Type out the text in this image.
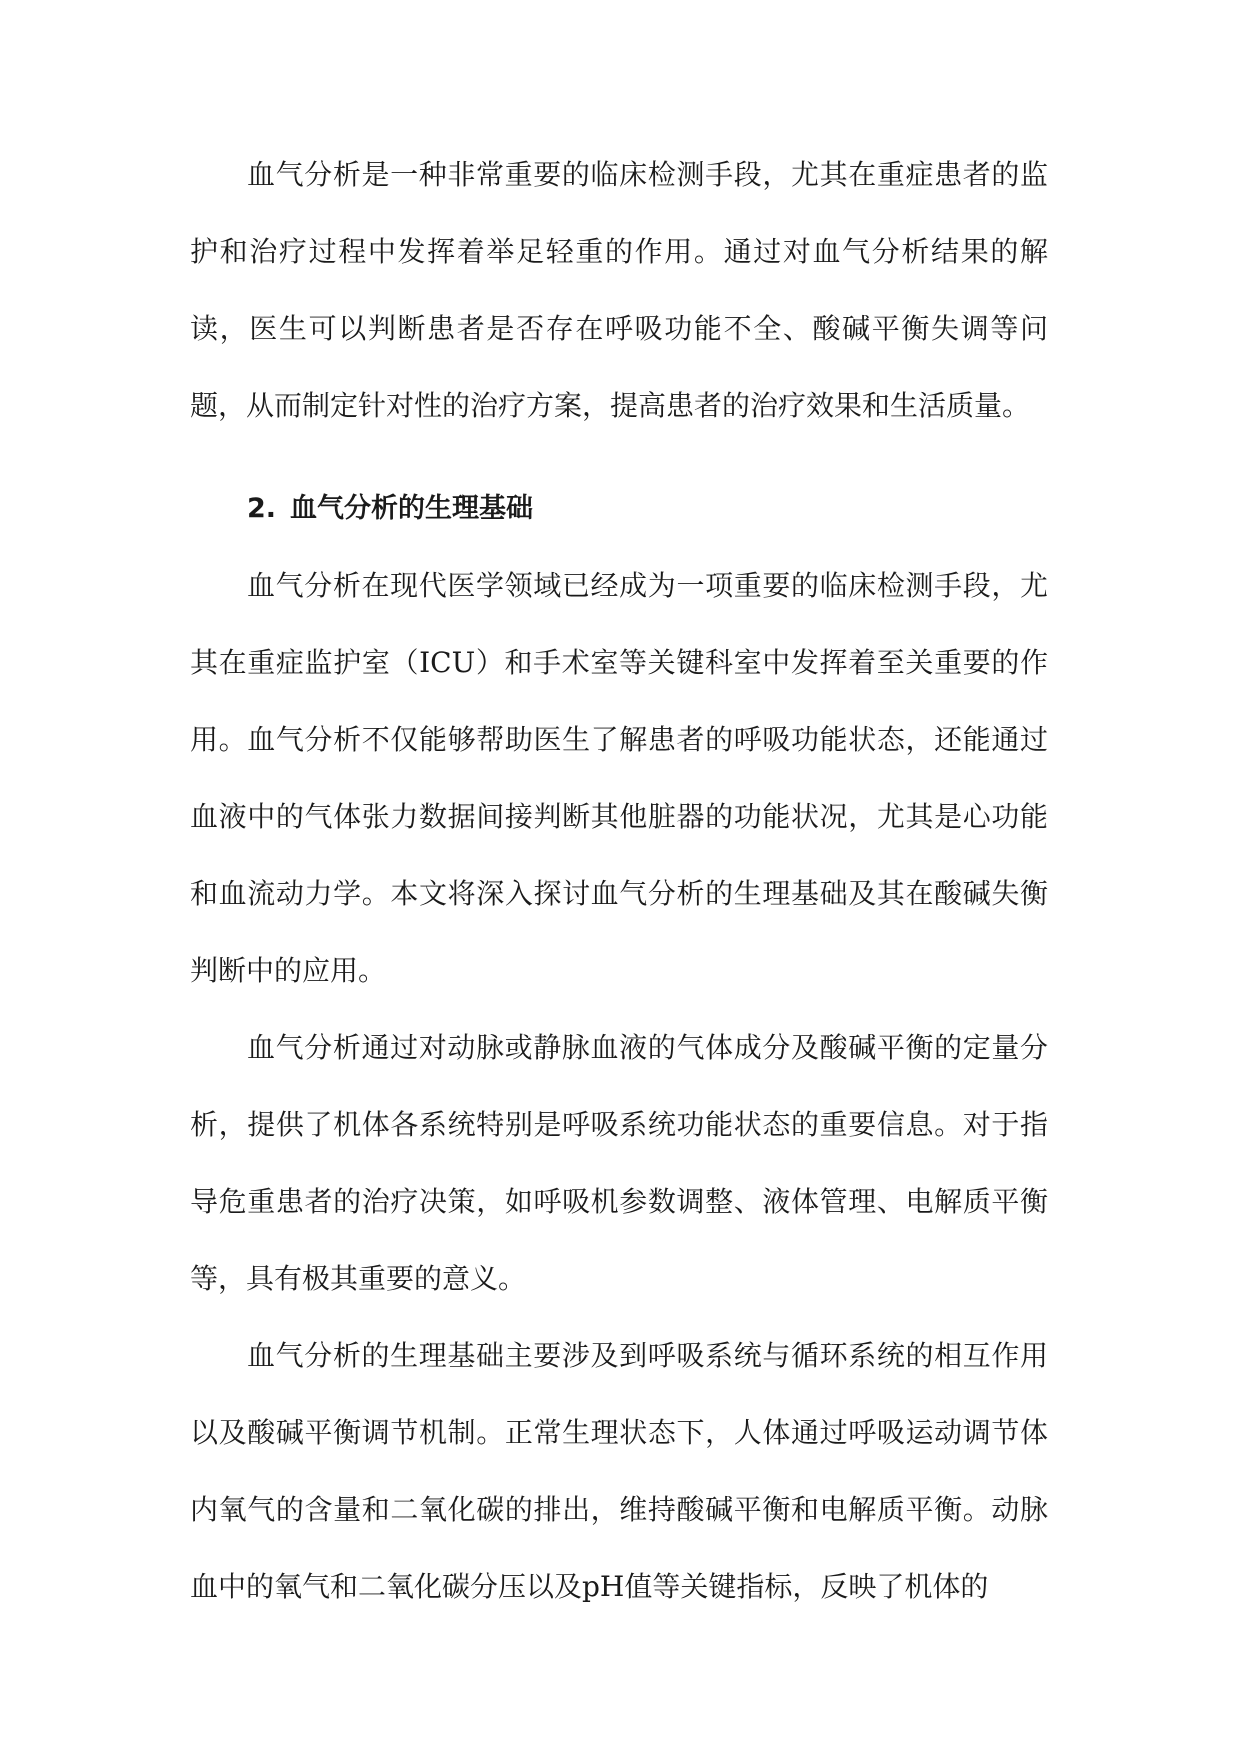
血气分析是一种非常重要的临床检测手段，尤其在重症患者的监护和治疗过程中发挥着举足轻重的作用。通过对血气分析结果的解读，医生可以判断患者是否存在呼吸功能不全、酸碱平衡失调等问题，从而制定针对性的治疗方案，提高患者的治疗效果和生活质量。

2. 血气分析的生理基础

血气分析在现代医学领域已经成为一项重要的临床检测手段，尤其在重症监护室（ICU）和手术室等关键科室中发挥着至关重要的作用。血气分析不仅能够帮助医生了解患者的呼吸功能状态，还能通过血液中的气体张力数据间接判断其他脏器的功能状况，尤其是心功能和血流动力学。本文将深入探讨血气分析的生理基础及其在酸碱失衡判断中的应用。

血气分析通过对动脉或静脉血液的气体成分及酸碱平衡的定量分析，提供了机体各系统特别是呼吸系统功能状态的重要信息。对于指导危重患者的治疗决策，如呼吸机参数调整、液体管理、电解质平衡等，具有极其重要的意义。

血气分析的生理基础主要涉及到呼吸系统与循环系统的相互作用以及酸碱平衡调节机制。正常生理状态下，人体通过呼吸运动调节体内氧气的含量和二氧化碳的排出，维持酸碱平衡和电解质平衡。动脉血中的氧气和二氧化碳分压以及pH值等关键指标，反映了机体的
